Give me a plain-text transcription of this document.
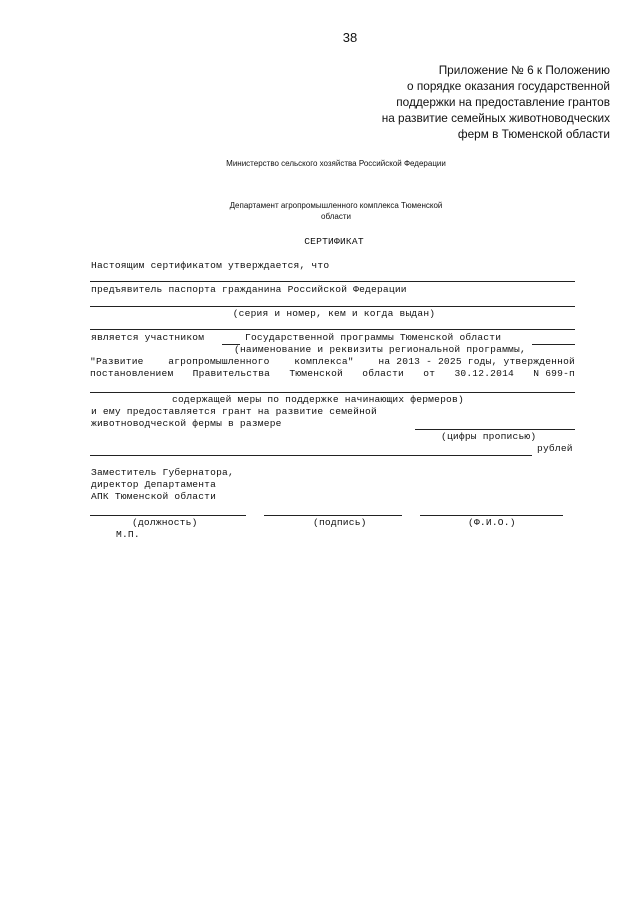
38
Приложение № 6 к Положению
о порядке оказания государственной
поддержки на предоставление грантов
на развитие семейных животноводческих
ферм в Тюменской области
Министерство сельского хозяйства Российской Федерации
Департамент агропромышленного комплекса Тюменской
области
СЕРТИФИКАТ
Настоящим сертификатом утверждается, что
предъявитель паспорта гражданина Российской Федерации
(серия и номер, кем и когда выдан)
является участником	Государственной программы Тюменской области
(наименование и реквизиты региональной программы,
"Развитие	агропромышленного	комплекса"	на 2013 - 2025 годы, утвержденной
постановлением Правительства Тюменской области от 30.12.2014 N 699-п
содержащей меры по поддержке начинающих фермеров)
и ему предоставляется грант на развитие семейной
животноводческой фермы в размере
(цифры прописью)
рублей
Заместитель Губернатора,
директор Департамента
АПК Тюменской области
(должность)	(подпись)	(Ф.И.О.)
М.П.
